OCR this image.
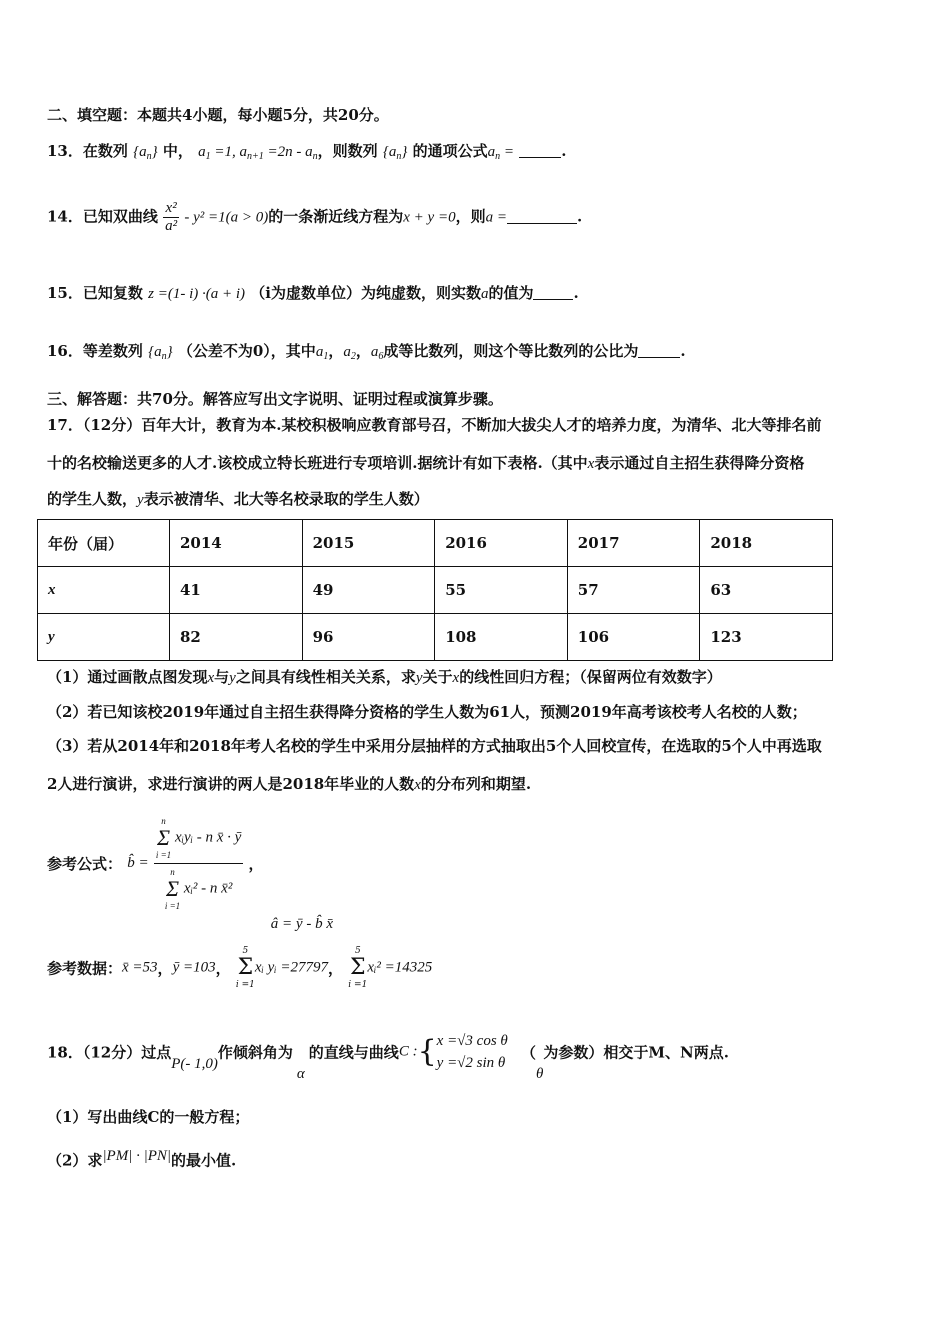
二、填空题：本题共4小题，每小题5分，共20分。
13．在数列 $\{a_n\}$ 中， $a_1 =1$, $a_{n+1} =2n - a_n$，则数列 $\{a_n\}$ 的通项公式$a_n$ =	.
14．已知双曲线 $\frac{\text{x²}}{\text{a²}} - y^2 =1(a > 0)$的一条渐近线方程为x + y =0，则a =	.
15．已知复数 z =(1- i) ·(a + i) （i为虚数单位）为纯虚数，则实数a的值为	.
16．等差数列 $\{a_n\}$ （公差不为0），其中$a_1$，$a_2$，$a_6$成等比数列，则这个等比数列的公比为	.
三、解答题：共70分。解答应写出文字说明、证明过程或演算步骤。
17．（12分）百年大计，教育为本.某校积极响应教育部号召，不断加大拔尖人才的培养力度，为清华、北大等排名前
十的名校输送更多的人才.该校成立特长班进行专项培训.据统计有如下表格.（其中x表示通过自主招生获得降分资格
的学生人数，y表示被清华、北大等名校录取的学生人数）
年份（届）	2014	2015	2016	2017	2018
x	41	49	55	57	63
y	82	96	108	106	123
（1）通过画散点图发现x与y之间具有线性相关关系，求y关于x的线性回归方程；（保留两位有效数字）
（2）若已知该校2019年通过自主招生获得降分资格的学生人数为61人，预测2019年高考该校考人名校的人数；
（3）若从2014年和2018年考人名校的学生中采用分层抽样的方式抽取出5个人回校宣传，在选取的5个人中再选取
2人进行演讲，求进行演讲的两人是2018年毕业的人数x的分布列和期望.
参考公式： b̂ = n
Σ
i =1
xᵢyᵢ - n x̄ · ȳ
n
Σ
i =1
xᵢ² - n x̄² ， â = ȳ - b̂ x̄
参考数据：x̄ =53，ȳ =103，
5
Σ
i =1
xᵢ yᵢ =27797，
5
Σ
i =1
xᵢ² =14325
18．（12分）过点P(- 1,0)作倾斜角为α的直线与曲线C :{ x =√3 cos θ
y =√2 sin θ
（θ为参数）相交于M、N两点.
（1）写出曲线C的一般方程；
（2）求|PM| · |PN|的最小值.
